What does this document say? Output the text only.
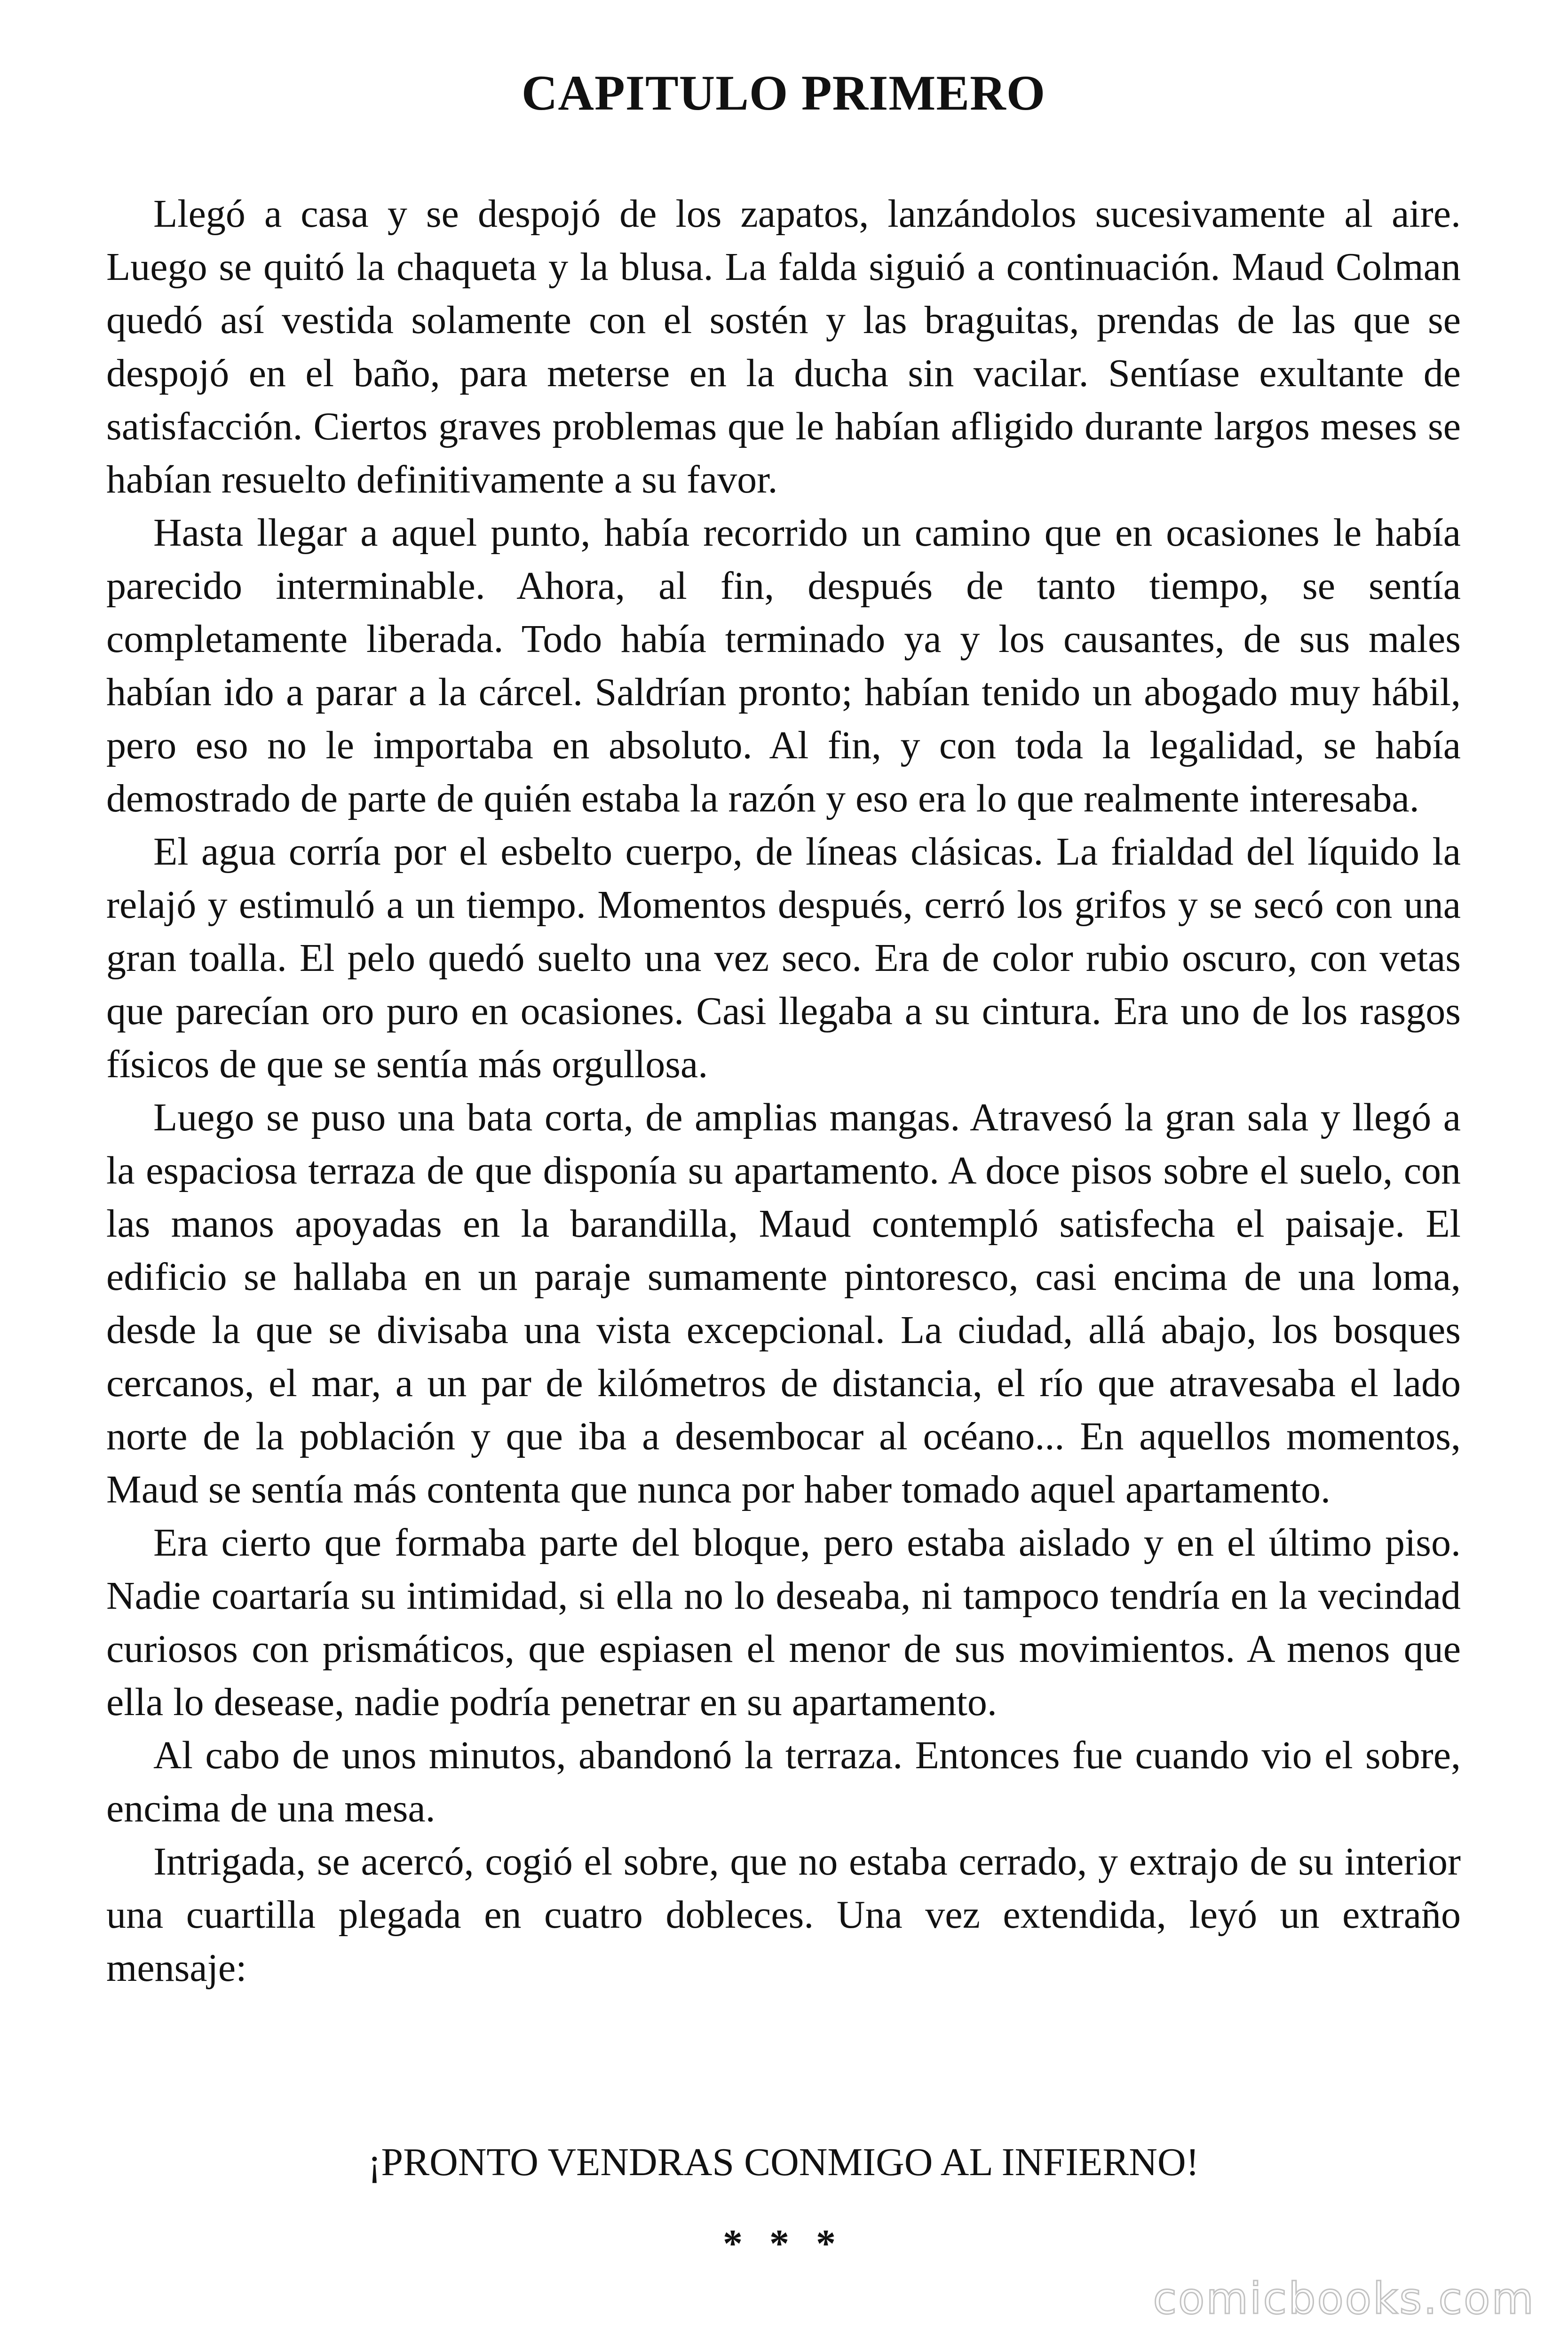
CAPITULO PRIMERO

Llegó a casa y se despojó de los zapatos, lanzándolos sucesivamente al aire. Luego se quitó la chaqueta y la blusa. La falda siguió a continuación. Maud Colman quedó así vestida solamente con el sostén y las braguitas, prendas de las que se despojó en el baño, para meterse en la ducha sin vacilar. Sentíase exultante de satisfacción. Ciertos graves problemas que le habían afligido durante largos meses se habían resuelto definitivamente a su favor.

Hasta llegar a aquel punto, había recorrido un camino que en ocasiones le había parecido interminable. Ahora, al fin, después de tanto tiempo, se sentía completamente liberada. Todo había terminado ya y los causantes, de sus males habían ido a parar a la cárcel. Saldrían pronto; habían tenido un abogado muy hábil, pero eso no le importaba en absoluto. Al fin, y con toda la legalidad, se había demostrado de parte de quién estaba la razón y eso era lo que realmente interesaba.

El agua corría por el esbelto cuerpo, de líneas clásicas. La frialdad del líquido la relajó y estimuló a un tiempo. Momentos después, cerró los grifos y se secó con una gran toalla. El pelo quedó suelto una vez seco. Era de color rubio oscuro, con vetas que parecían oro puro en ocasiones. Casi llegaba a su cintura. Era uno de los rasgos físicos de que se sentía más orgullosa.

Luego se puso una bata corta, de amplias mangas. Atravesó la gran sala y llegó a la espaciosa terraza de que disponía su apartamento. A doce pisos sobre el suelo, con las manos apoyadas en la barandilla, Maud contempló satisfecha el paisaje. El edificio se hallaba en un paraje sumamente pintoresco, casi encima de una loma, desde la que se divisaba una vista excepcional. La ciudad, allá abajo, los bosques cercanos, el mar, a un par de kilómetros de distancia, el río que atravesaba el lado norte de la población y que iba a desembocar al océano... En aquellos momentos, Maud se sentía más contenta que nunca por haber tomado aquel apartamento.

Era cierto que formaba parte del bloque, pero estaba aislado y en el último piso. Nadie coartaría su intimidad, si ella no lo deseaba, ni tampoco tendría en la vecindad curiosos con prismáticos, que espiasen el menor de sus movimientos. A menos que ella lo desease, nadie podría penetrar en su apartamento.

Al cabo de unos minutos, abandonó la terraza. Entonces fue cuando vio el sobre, encima de una mesa.

Intrigada, se acercó, cogió el sobre, que no estaba cerrado, y extrajo de su interior una cuartilla plegada en cuatro dobleces. Una vez extendida, leyó un extraño mensaje:

¡PRONTO VENDRAS CONMIGO AL INFIERNO!

* * *

comicbooks.com
